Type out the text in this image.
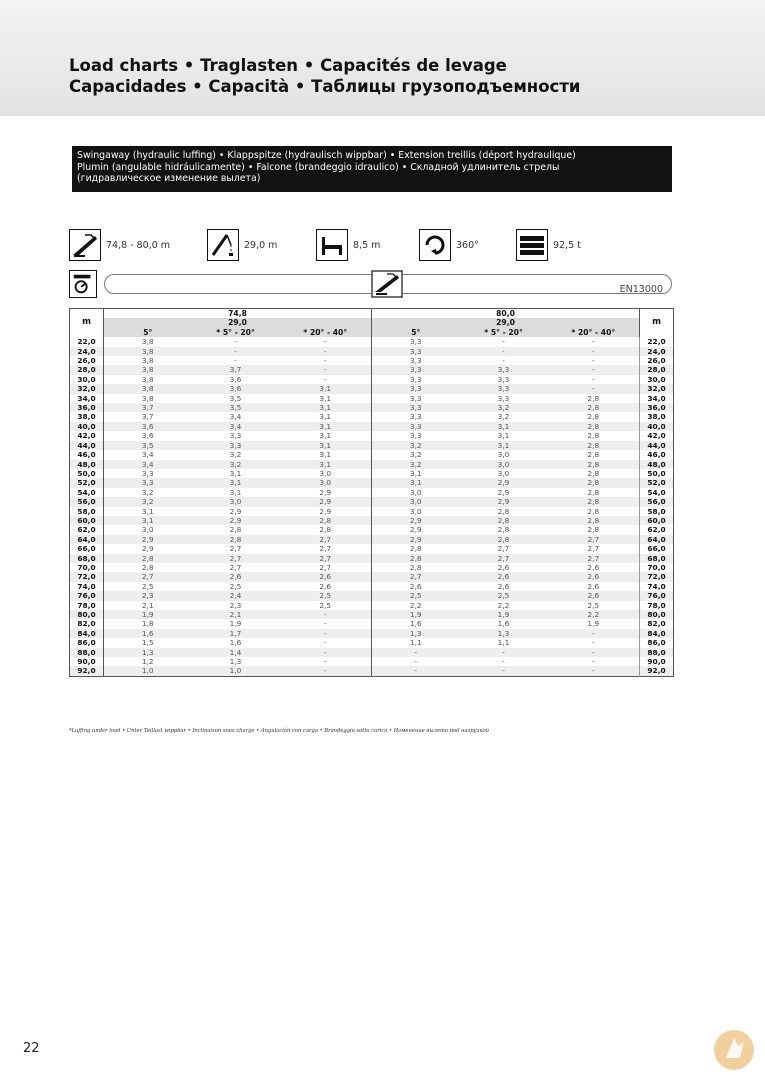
Load charts • Traglasten • Capacités de levage
Capacidades • Capacità • Таблицы грузоподъемности
Swingaway (hydraulic luffing) • Klappspitze (hydraulisch wippbar) • Extension treillis (déport hydraulique)
Plumin (angulable hidráulicamente) • Falcone (brandeggio idraulico) • Складной удлинитель стрелы
(гидравлическое изменение вылета)
74,8 - 80,0 m	29,0 m	8,5 m	360°	92,5 t
EN13000
m	74,8			80,0			m
	29,0			29,0			
	5°	* 5° - 20°	* 20° - 40°	5°	* 5° - 20°	* 20° - 40°	
22,0	3,8	-	-	3,3	-	-	22,0
24,0	3,8	-	-	3,3	-	-	24,0
26,0	3,8	-	-	3,3	-	-	26,0
28,0	3,8	3,7	-	3,3	3,3	-	28,0
30,0	3,8	3,6	-	3,3	3,3	-	30,0
32,0	3,8	3,6	3,1	3,3	3,3	-	32,0
34,0	3,8	3,5	3,1	3,3	3,3	2,8	34,0
36,0	3,7	3,5	3,1	3,3	3,2	2,8	36,0
38,0	3,7	3,4	3,1	3,3	3,2	2,8	38,0
40,0	3,6	3,4	3,1	3,3	3,1	2,8	40,0
42,0	3,6	3,3	3,1	3,3	3,1	2,8	42,0
44,0	3,5	3,3	3,1	3,2	3,1	2,8	44,0
46,0	3,4	3,2	3,1	3,2	3,0	2,8	46,0
48,0	3,4	3,2	3,1	3,2	3,0	2,8	48,0
50,0	3,3	3,1	3,0	3,1	3,0	2,8	50,0
52,0	3,3	3,1	3,0	3,1	2,9	2,8	52,0
54,0	3,2	3,1	2,9	3,0	2,9	2,8	54,0
56,0	3,2	3,0	2,9	3,0	2,9	2,8	56,0
58,0	3,1	2,9	2,9	3,0	2,8	2,8	58,0
60,0	3,1	2,9	2,8	2,9	2,8	2,8	60,0
62,0	3,0	2,8	2,8	2,9	2,8	2,8	62,0
64,0	2,9	2,8	2,7	2,9	2,8	2,7	64,0
66,0	2,9	2,7	2,7	2,8	2,7	2,7	66,0
68,0	2,8	2,7	2,7	2,8	2,7	2,7	68,0
70,0	2,8	2,7	2,7	2,8	2,6	2,6	70,0
72,0	2,7	2,6	2,6	2,7	2,6	2,6	72,0
74,0	2,5	2,5	2,6	2,6	2,6	2,6	74,0
76,0	2,3	2,4	2,5	2,5	2,5	2,6	76,0
78,0	2,1	2,3	2,5	2,2	2,2	2,5	78,0
80,0	1,9	2,1	-	1,9	1,9	2,2	80,0
82,0	1,8	1,9	-	1,6	1,6	1,9	82,0
84,0	1,6	1,7	-	1,3	1,3	-	84,0
86,0	1,5	1,6	-	1,1	1,1	-	86,0
88,0	1,3	1,4	-	-	-	-	88,0
90,0	1,2	1,3	-	-	-	-	90,0
92,0	1,0	1,0	-	-	-	-	92,0
*Luffing under load • Unter Teillast wippbar • Inclinaison sous charge • Angulación con carga • Brandeggio sotto carico • Изменение вылета под нагрузкой
22
